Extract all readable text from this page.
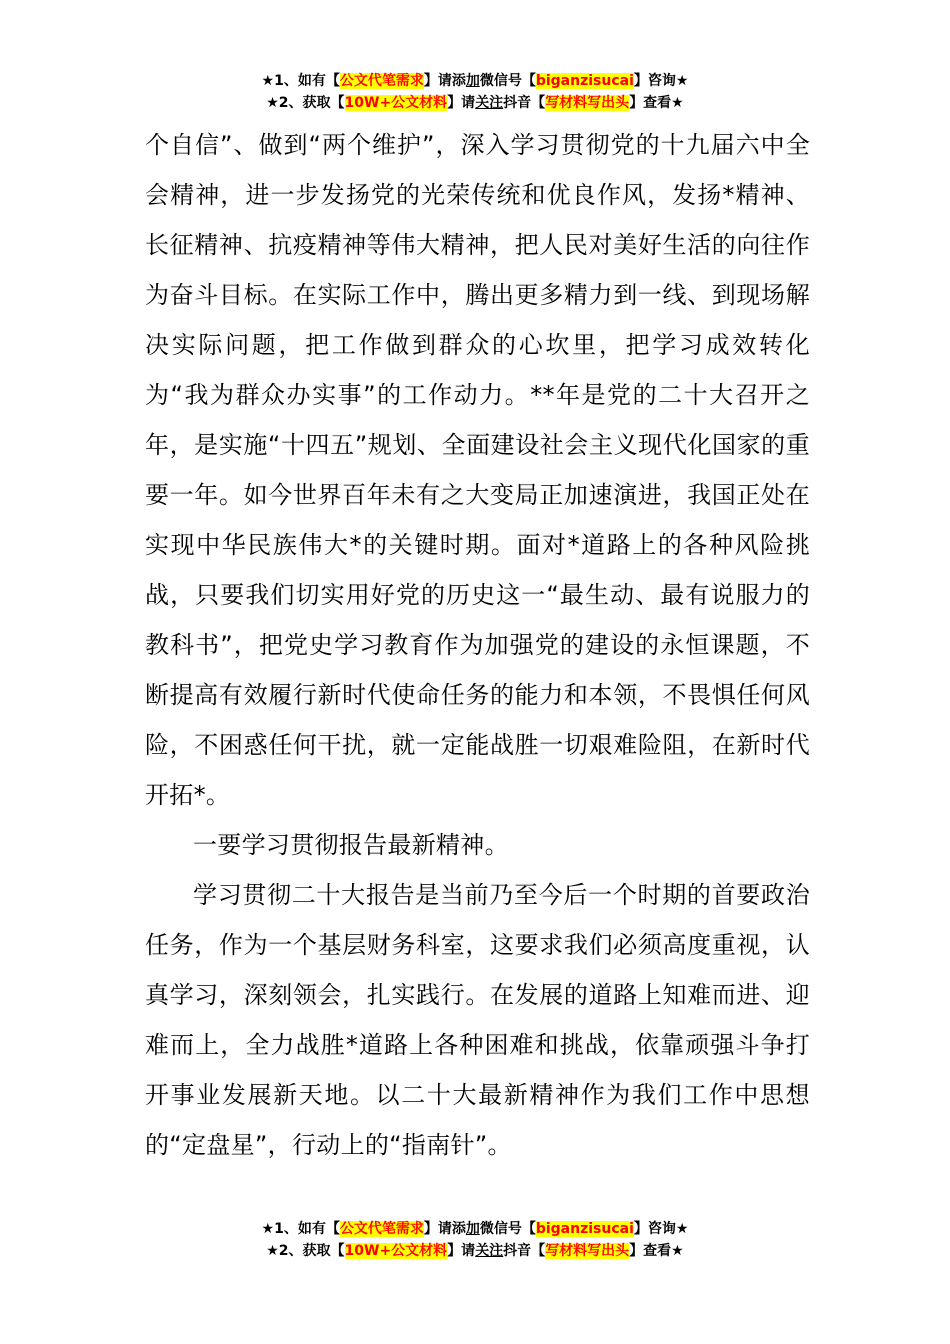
★1、如有【公文代笔需求】请添加微信号【biganzisucai】咨询★
★2、获取【10W+公文材料】请关注抖音【写材料写出头】查看★

个自信”、做到“两个维护”，深入学习贯彻党的十九届六中全会精神，进一步发扬党的光荣传统和优良作风，发扬*精神、长征精神、抗疫精神等伟大精神，把人民对美好生活的向往作为奋斗目标。在实际工作中，腾出更多精力到一线、到现场解决实际问题，把工作做到群众的心坎里，把学习成效转化为“我为群众办实事”的工作动力。**年是党的二十大召开之年，是实施“十四五”规划、全面建设社会主义现代化国家的重要一年。如今世界百年未有之大变局正加速演进，我国正处在实现中华民族伟大*的关键时期。面对*道路上的各种风险挑战，只要我们切实用好党的历史这一“最生动、最有说服力的教科书”，把党史学习教育作为加强党的建设的永恒课题，不断提高有效履行新时代使命任务的能力和本领，不畏惧任何风险，不困惑任何干扰，就一定能战胜一切艰难险阻，在新时代开拓*。

一要学习贯彻报告最新精神。

学习贯彻二十大报告是当前乃至今后一个时期的首要政治任务，作为一个基层财务科室，这要求我们必须高度重视，认真学习，深刻领会，扎实践行。在发展的道路上知难而进、迎难而上，全力战胜*道路上各种困难和挑战，依靠顽强斗争打开事业发展新天地。以二十大最新精神作为我们工作中思想的“定盘星”，行动上的“指南针”。

★1、如有【公文代笔需求】请添加微信号【biganzisucai】咨询★
★2、获取【10W+公文材料】请关注抖音【写材料写出头】查看★
